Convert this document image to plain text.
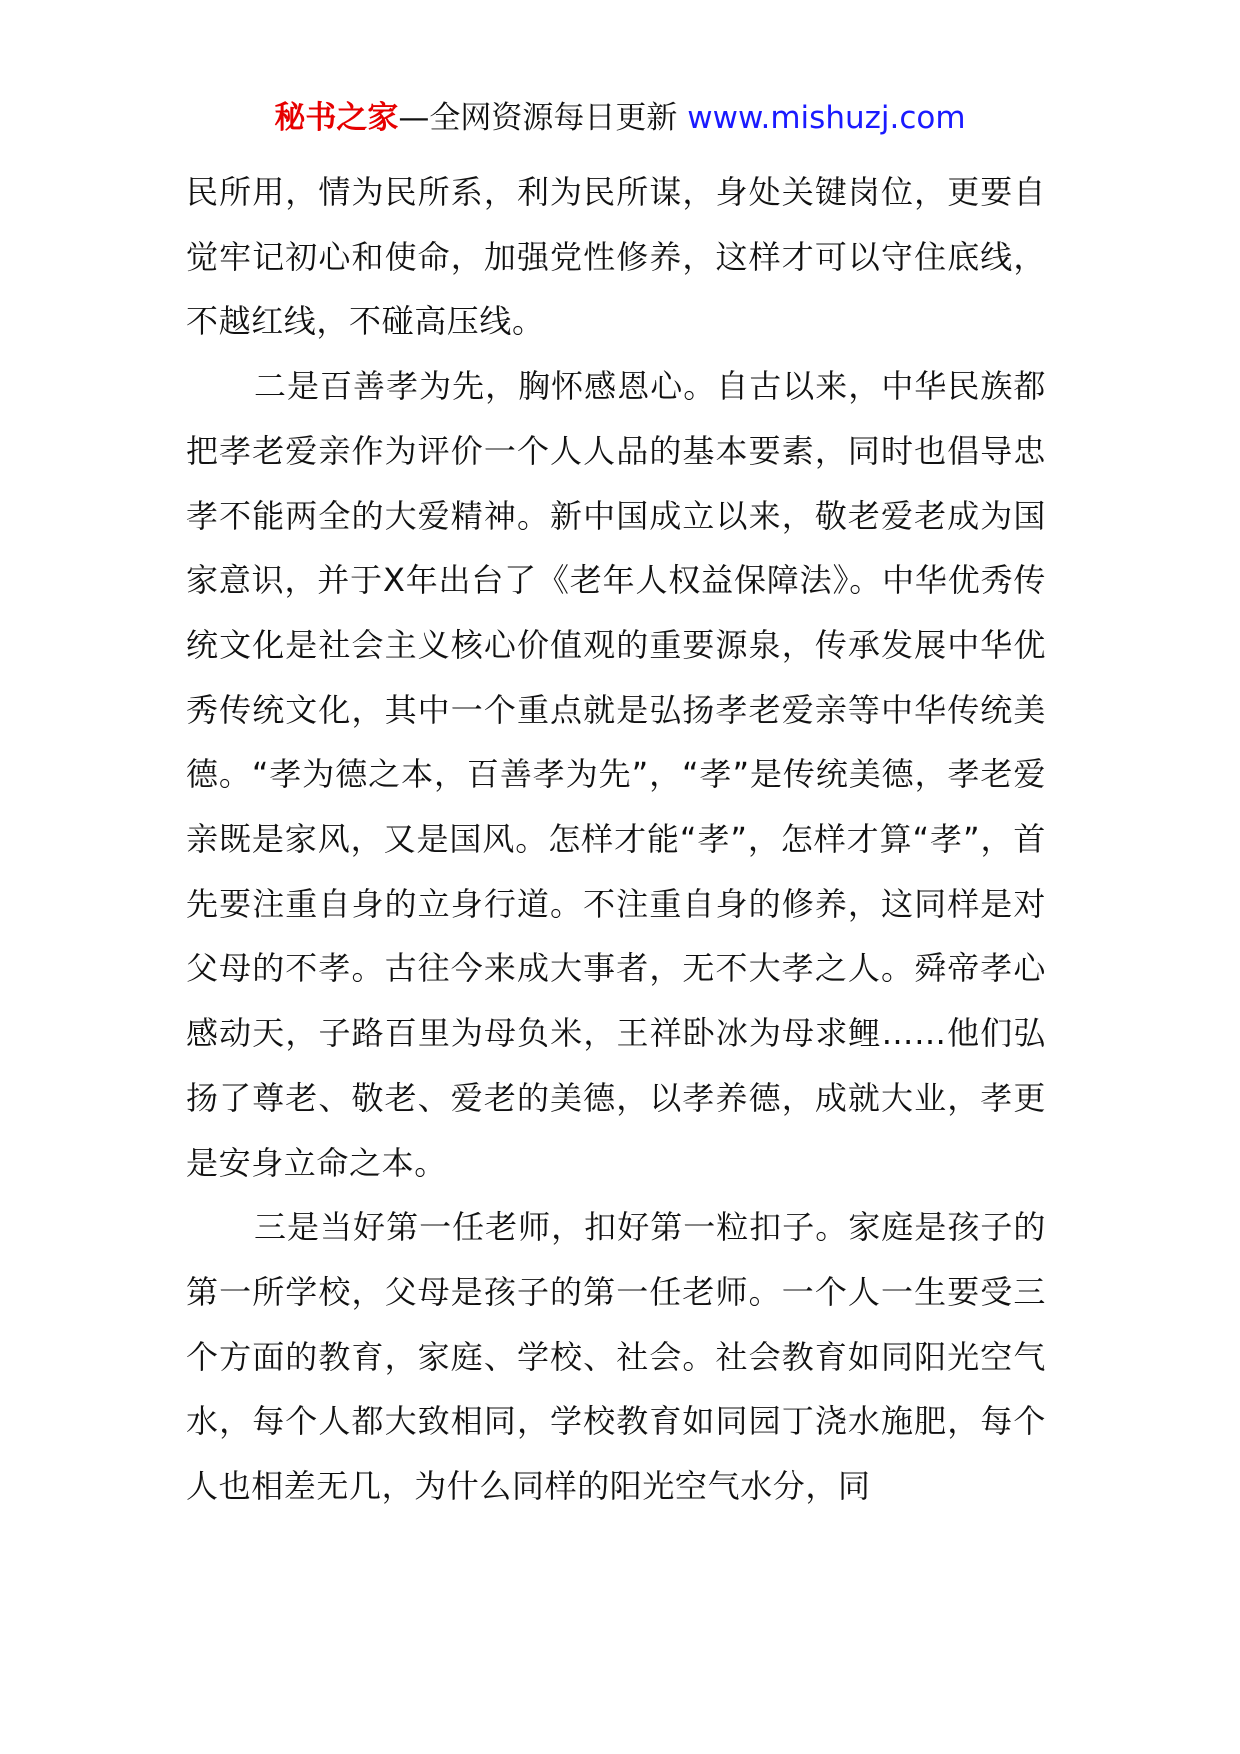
秘书之家—全网资源每日更新 www.mishuzj.com

民所用，情为民所系，利为民所谋，身处关键岗位，更要自觉牢记初心和使命，加强党性修养，这样才可以守住底线，不越红线，不碰高压线。

二是百善孝为先，胸怀感恩心。自古以来，中华民族都把孝老爱亲作为评价一个人人品的基本要素，同时也倡导忠孝不能两全的大爱精神。新中国成立以来，敬老爱老成为国家意识，并于X年出台了《老年人权益保障法》。中华优秀传统文化是社会主义核心价值观的重要源泉，传承发展中华优秀传统文化，其中一个重点就是弘扬孝老爱亲等中华传统美德。“孝为德之本，百善孝为先”，“孝”是传统美德，孝老爱亲既是家风，又是国风。怎样才能“孝”，怎样才算“孝”，首先要注重自身的立身行道。不注重自身的修养，这同样是对父母的不孝。古往今来成大事者，无不大孝之人。舜帝孝心感动天，子路百里为母负米，王祥卧冰为母求鲤……他们弘扬了尊老、敬老、爱老的美德，以孝养德，成就大业，孝更是安身立命之本。

三是当好第一任老师，扣好第一粒扣子。家庭是孩子的第一所学校，父母是孩子的第一任老师。一个人一生要受三个方面的教育，家庭、学校、社会。社会教育如同阳光空气水，每个人都大致相同，学校教育如同园丁浇水施肥，每个人也相差无几，为什么同样的阳光空气水分，同
